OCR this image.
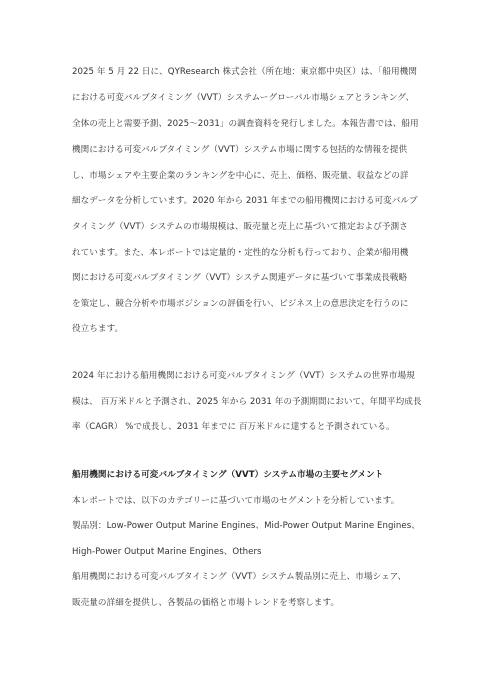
2025 年 5 月 22 日に、QYResearch 株式会社（所在地：東京都中央区）は、「船用機関
における可変バルブタイミング（VVT）システムーグローバル市場シェアとランキング、
全体の売上と需要予測、2025～2031」の調査資料を発行しました。本報告書では、船用
機関における可変バルブタイミング（VVT）システム市場に関する包括的な情報を提供
し、市場シェアや主要企業のランキングを中心に、売上、価格、販売量、収益などの詳
細なデータを分析しています。2020 年から 2031 年までの船用機関における可変バルブ
タイミング（VVT）システムの市場規模は、販売量と売上に基づいて推定および予測さ
れています。また、本レポートでは定量的・定性的な分析も行っており、企業が船用機
関における可変バルブタイミング（VVT）システム関連データに基づいて事業成長戦略
を策定し、競合分析や市場ポジションの評価を行い、ビジネス上の意思決定を行うのに
役立ちます。
2024 年における船用機関における可変バルブタイミング（VVT）システムの世界市場規
模は、 百万米ドルと予測され、2025 年から 2031 年の予測期間において、年間平均成長
率（CAGR） %で成長し、2031 年までに 百万米ドルに達すると予測されている。
船用機関における可変バルブタイミング（VVT）システム市場の主要セグメント
本レポートでは、以下のカテゴリーに基づいて市場のセグメントを分析しています。
製品別：Low-Power Output Marine Engines、Mid-Power Output Marine Engines、
High-Power Output Marine Engines、Others
船用機関における可変バルブタイミング（VVT）システム製品別に売上、市場シェア、
販売量の詳細を提供し、各製品の価格と市場トレンドを考察します。
